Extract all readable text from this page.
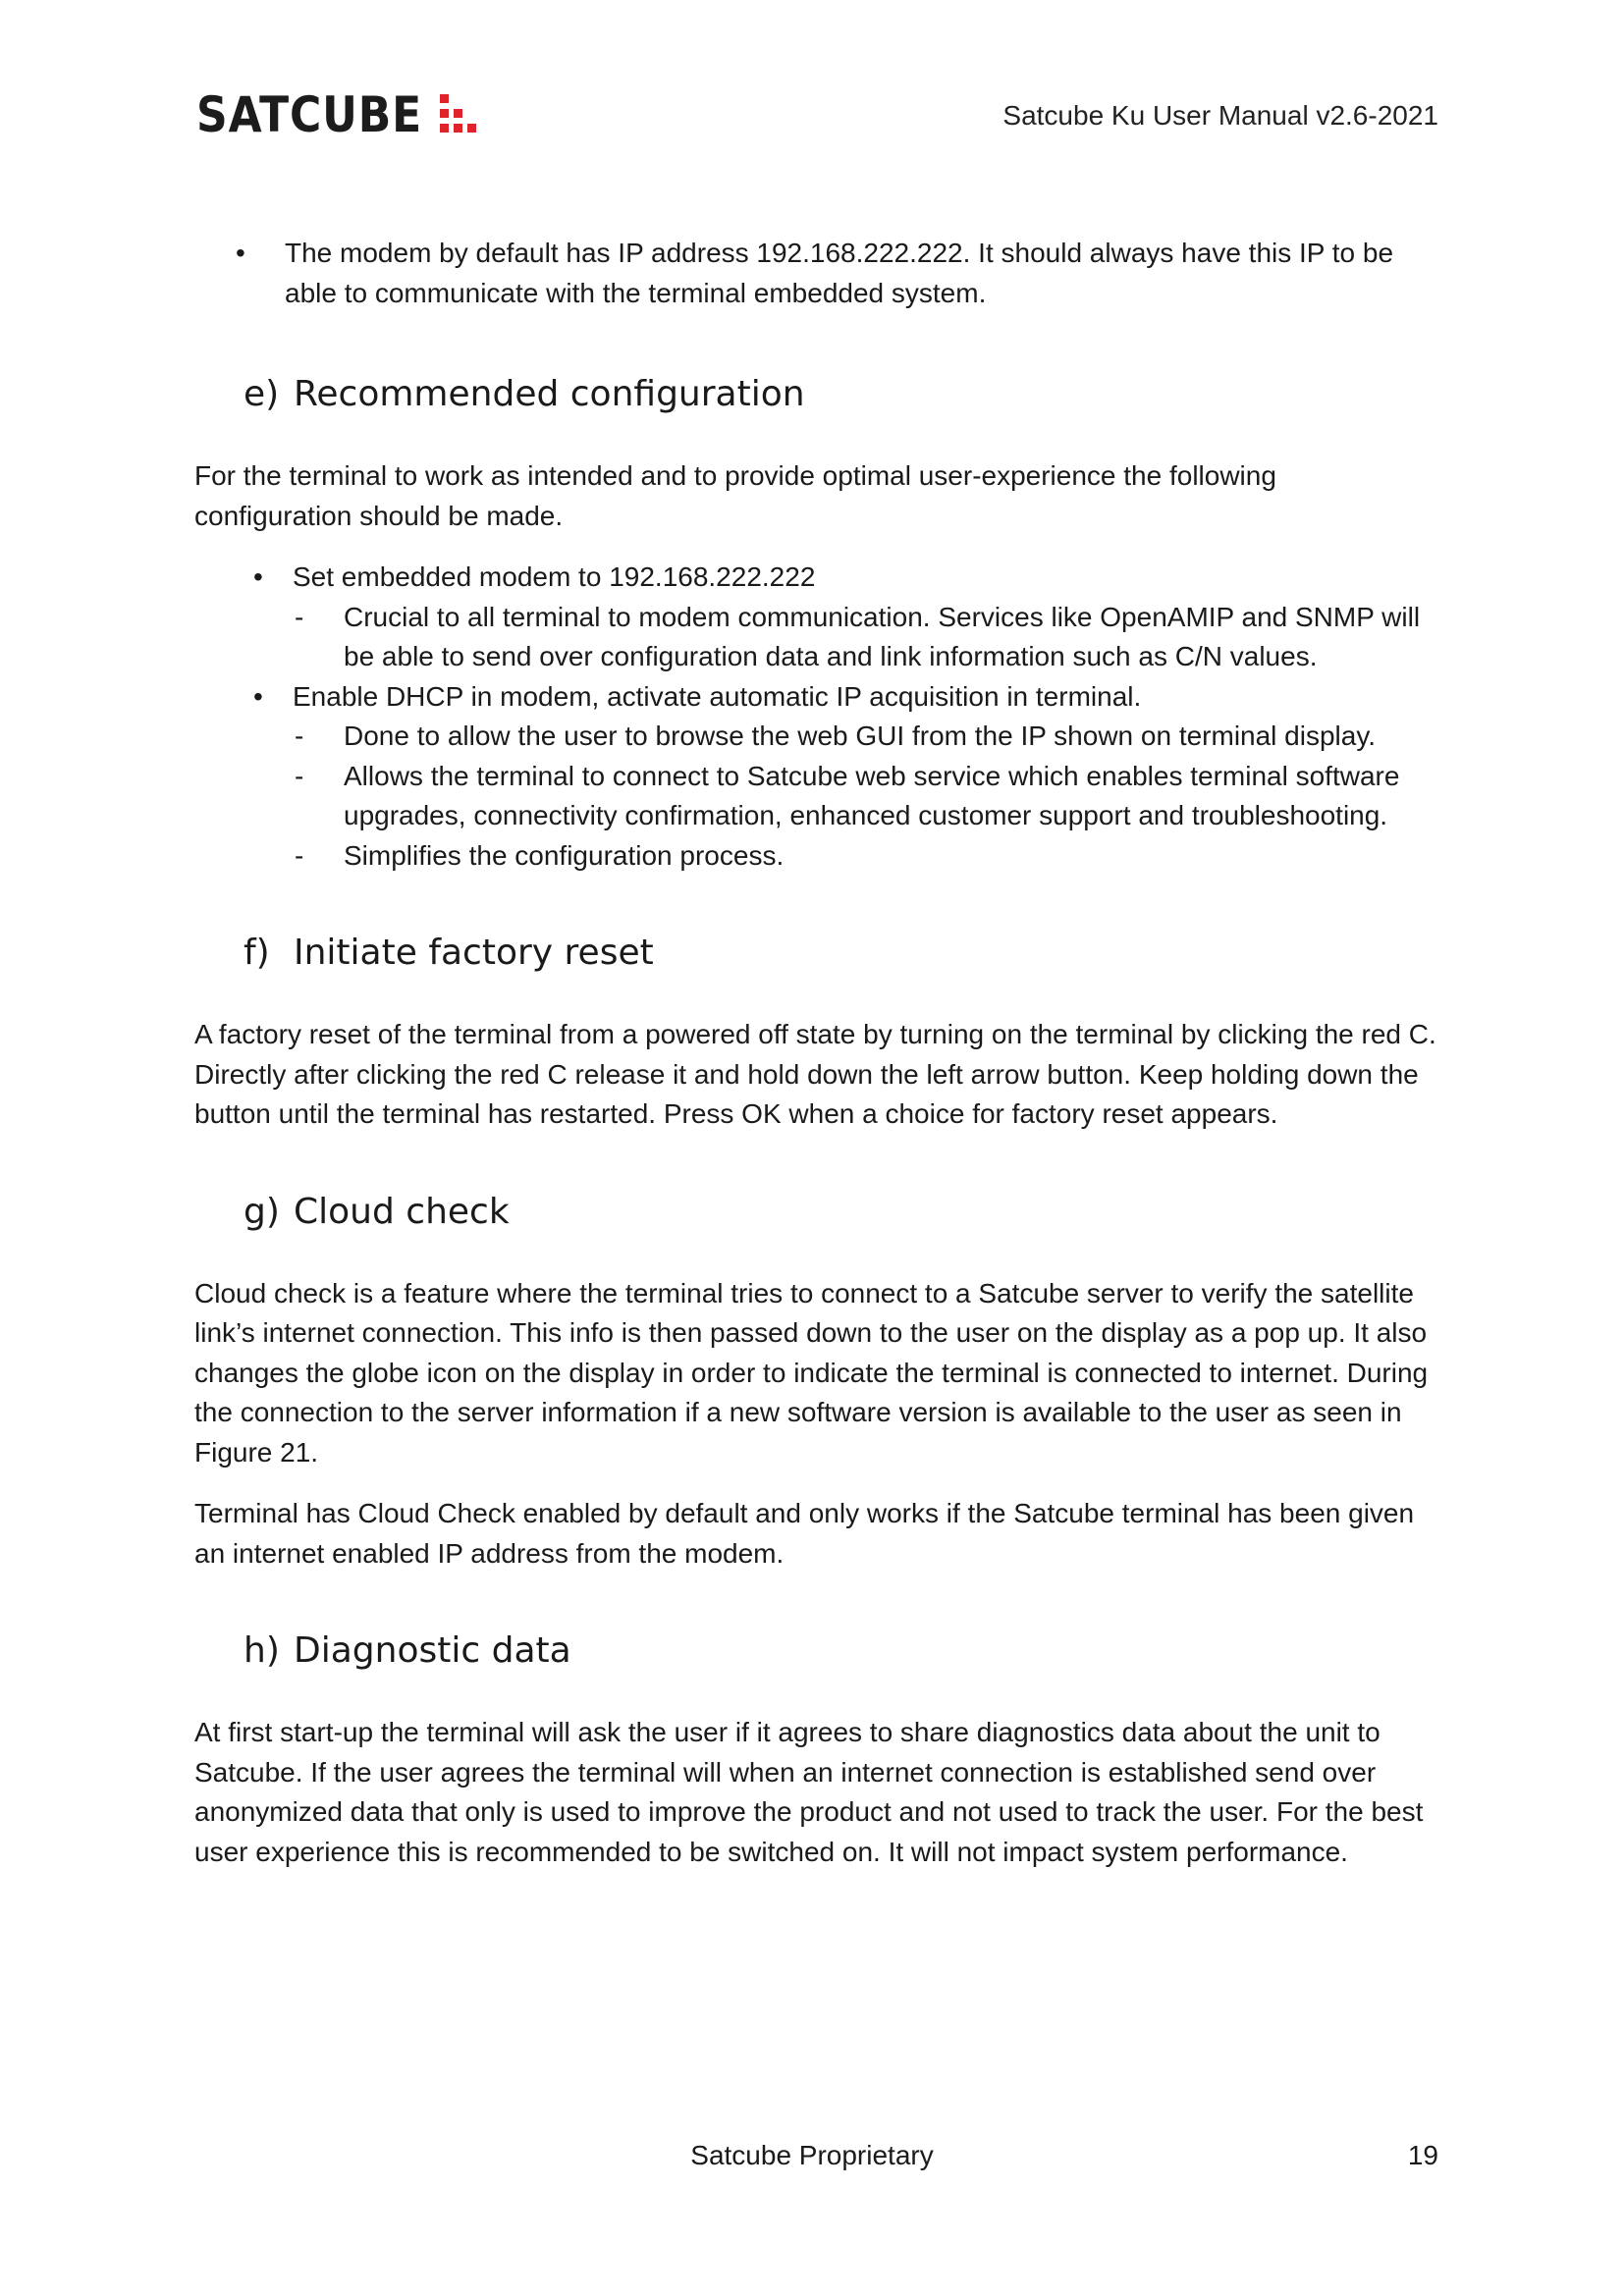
SATCUBE	Satcube Ku User Manual v2.6-2021

• The modem by default has IP address 192.168.222.222. It should always have this IP to be able to communicate with the terminal embedded system.

e) Recommended configuration

For the terminal to work as intended and to provide optimal user-experience the following configuration should be made.

• Set embedded modem to 192.168.222.222

- Crucial to all terminal to modem communication. Services like OpenAMIP and SNMP will be able to send over configuration data and link information such as C/N values.

• Enable DHCP in modem, activate automatic IP acquisition in terminal.

- Done to allow the user to browse the web GUI from the IP shown on terminal display.

- Allows the terminal to connect to Satcube web service which enables terminal software upgrades, connectivity confirmation, enhanced customer support and troubleshooting.

- Simplifies the configuration process.

f) Initiate factory reset

A factory reset of the terminal from a powered off state by turning on the terminal by clicking the red C. Directly after clicking the red C release it and hold down the left arrow button. Keep holding down the button until the terminal has restarted. Press OK when a choice for factory reset appears.

g) Cloud check

Cloud check is a feature where the terminal tries to connect to a Satcube server to verify the satellite link’s internet connection. This info is then passed down to the user on the display as a pop up. It also changes the globe icon on the display in order to indicate the terminal is connected to internet. During the connection to the server information if a new software version is available to the user as seen in Figure 21.

Terminal has Cloud Check enabled by default and only works if the Satcube terminal has been given an internet enabled IP address from the modem.

h) Diagnostic data

At first start-up the terminal will ask the user if it agrees to share diagnostics data about the unit to Satcube. If the user agrees the terminal will when an internet connection is established send over anonymized data that only is used to improve the product and not used to track the user. For the best user experience this is recommended to be switched on. It will not impact system performance.

Satcube Proprietary	19
